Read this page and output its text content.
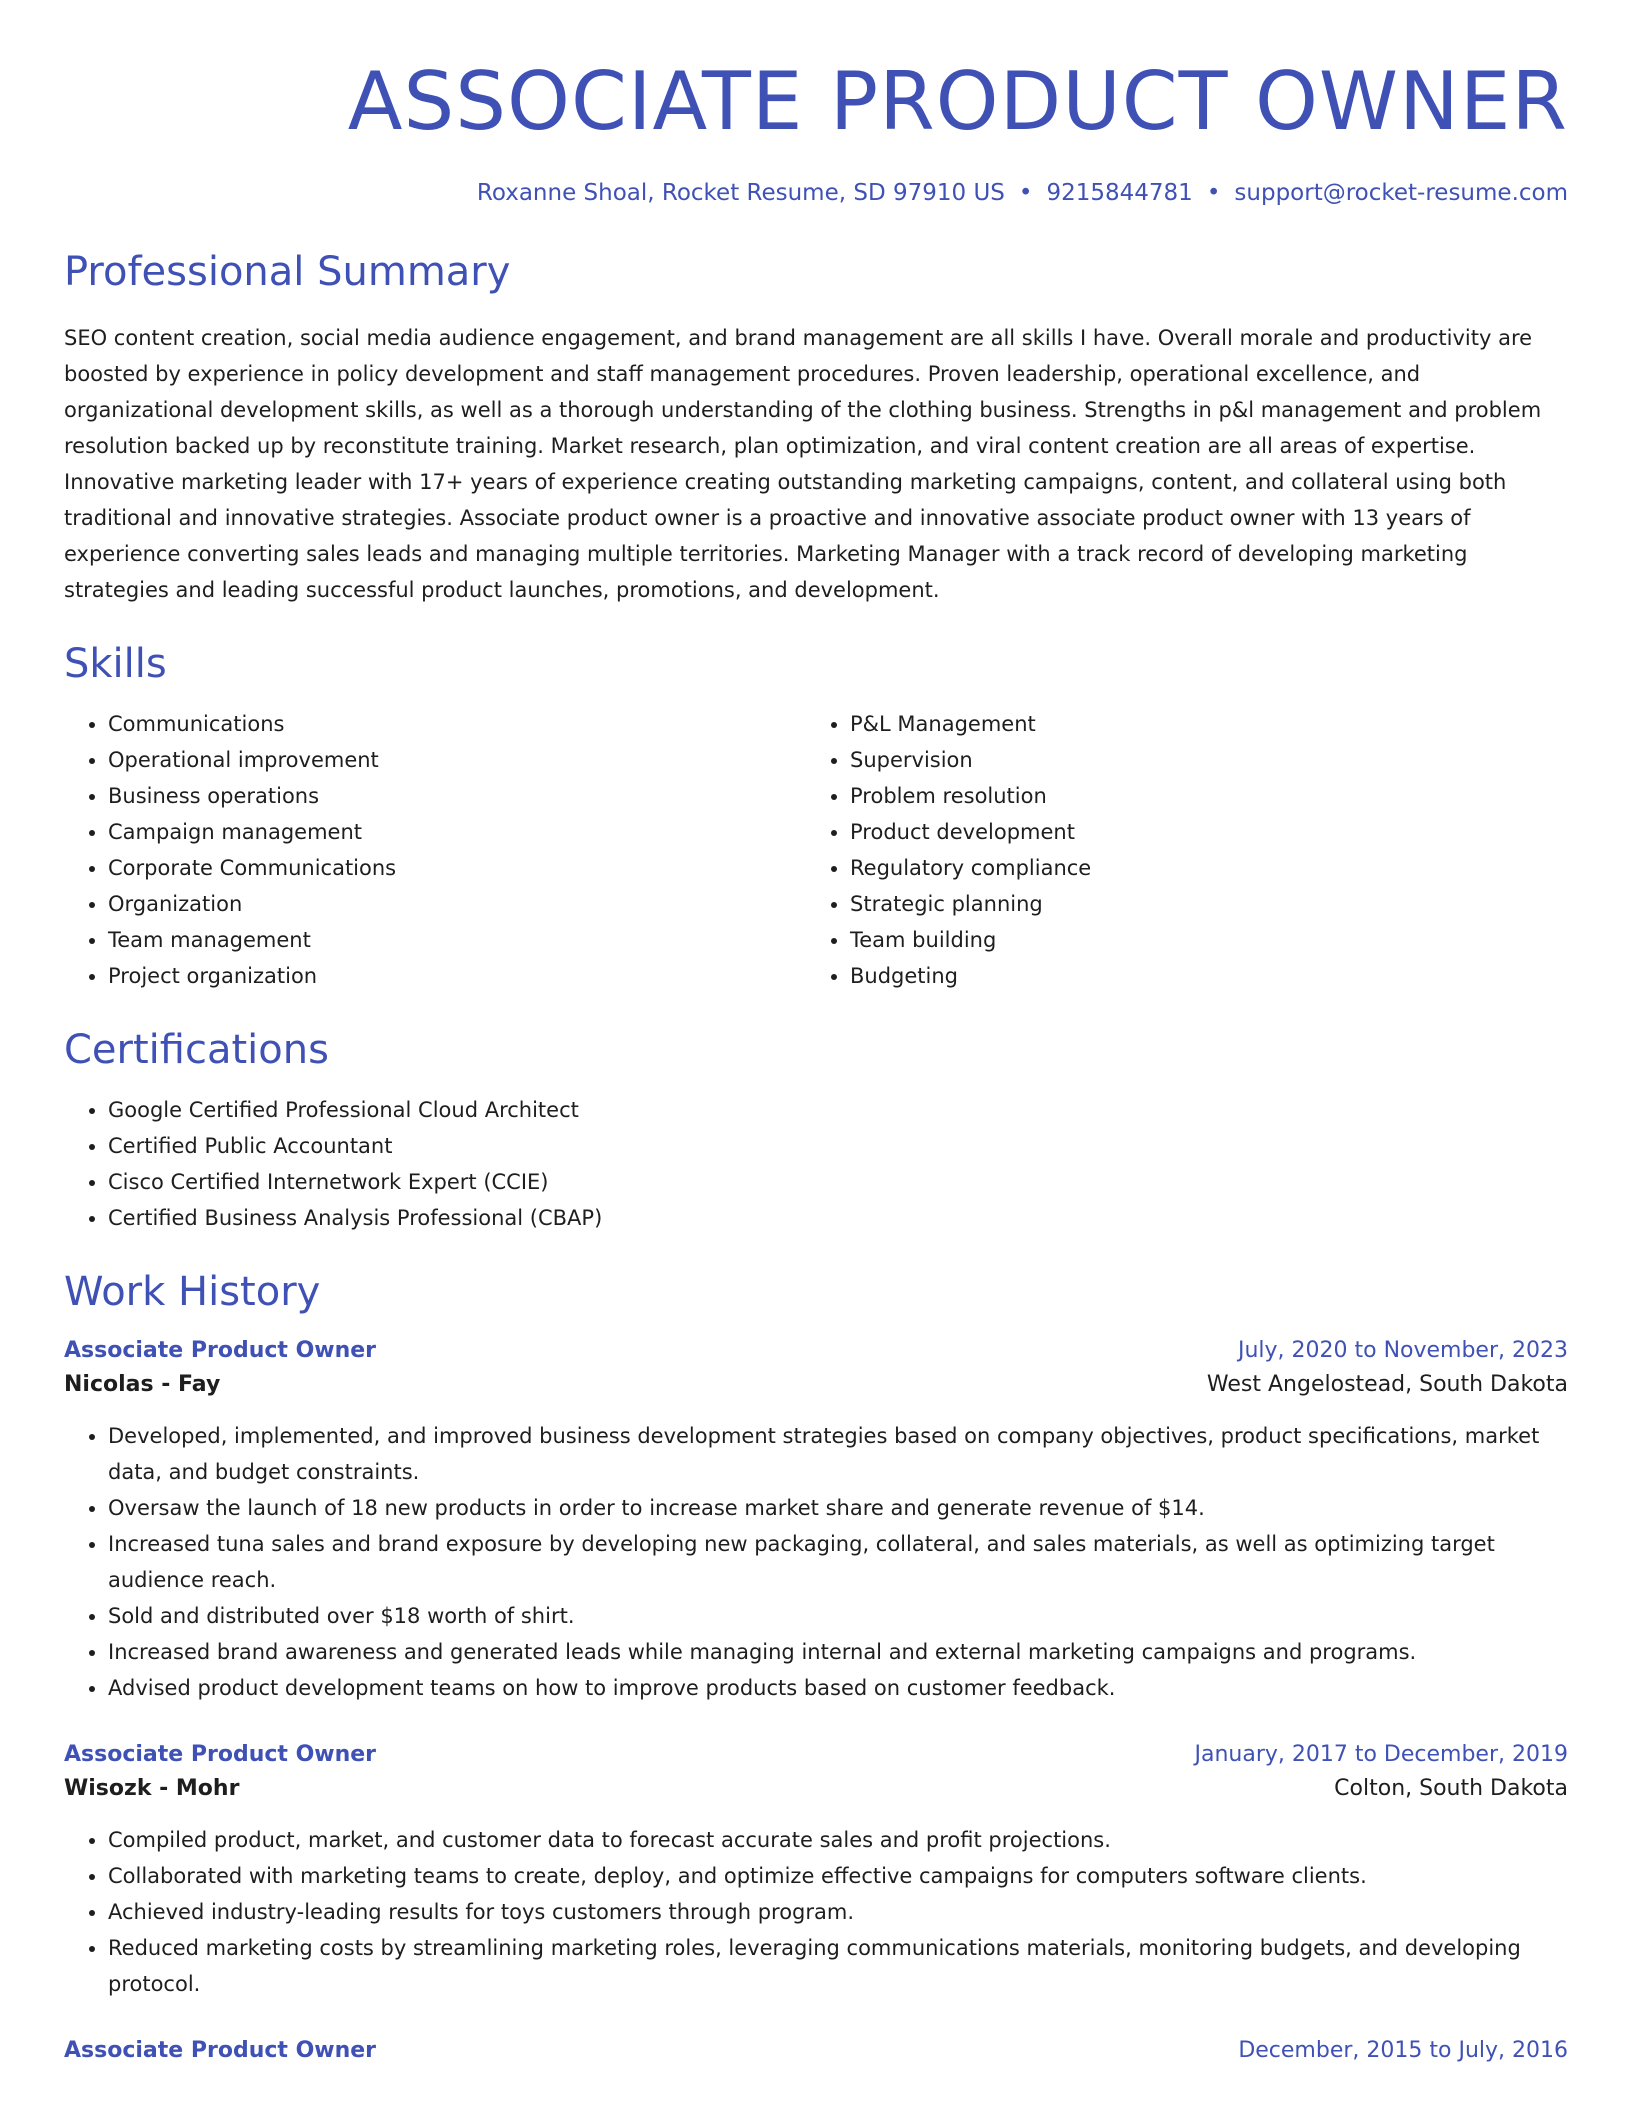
ASSOCIATE PRODUCT OWNER
Roxanne Shoal, Rocket Resume, SD 97910 US • 9215844781 • support@rocket-resume.com
Professional Summary

SEO content creation, social media audience engagement, and brand management are all skills I have. Overall morale and productivity are boosted by experience in policy development and staff management procedures. Proven leadership, operational excellence, and organizational development skills, as well as a thorough understanding of the clothing business. Strengths in p&l management and problem resolution backed up by reconstitute training. Market research, plan optimization, and viral content creation are all areas of expertise. Innovative marketing leader with 17+ years of experience creating outstanding marketing campaigns, content, and collateral using both traditional and innovative strategies. Associate product owner is a proactive and innovative associate product owner with 13 years of experience converting sales leads and managing multiple territories. Marketing Manager with a track record of developing marketing strategies and leading successful product launches, promotions, and development.

Skills
• Communications
• Operational improvement
• Business operations
• Campaign management
• Corporate Communications
• Organization
• Team management
• Project organization
• P&L Management
• Supervision
• Problem resolution
• Product development
• Regulatory compliance
• Strategic planning
• Team building
• Budgeting
Certifications
• Google Certified Professional Cloud Architect
• Certified Public Accountant
• Cisco Certified Internetwork Expert (CCIE)
• Certified Business Analysis Professional (CBAP)
Work History
Associate Product Owner	July, 2020 to November, 2023
Nicolas - Fay	West Angelostead, South Dakota
• Developed, implemented, and improved business development strategies based on company objectives, product specifications, market data, and budget constraints.
• Oversaw the launch of 18 new products in order to increase market share and generate revenue of $14.
• Increased tuna sales and brand exposure by developing new packaging, collateral, and sales materials, as well as optimizing target audience reach.
• Sold and distributed over $18 worth of shirt.
• Increased brand awareness and generated leads while managing internal and external marketing campaigns and programs.
• Advised product development teams on how to improve products based on customer feedback.
Associate Product Owner	January, 2017 to December, 2019
Wisozk - Mohr	Colton, South Dakota
• Compiled product, market, and customer data to forecast accurate sales and profit projections.
• Collaborated with marketing teams to create, deploy, and optimize effective campaigns for computers software clients.
• Achieved industry-leading results for toys customers through program.
• Reduced marketing costs by streamlining marketing roles, leveraging communications materials, monitoring budgets, and developing protocol.
Associate Product Owner	December, 2015 to July, 2016
